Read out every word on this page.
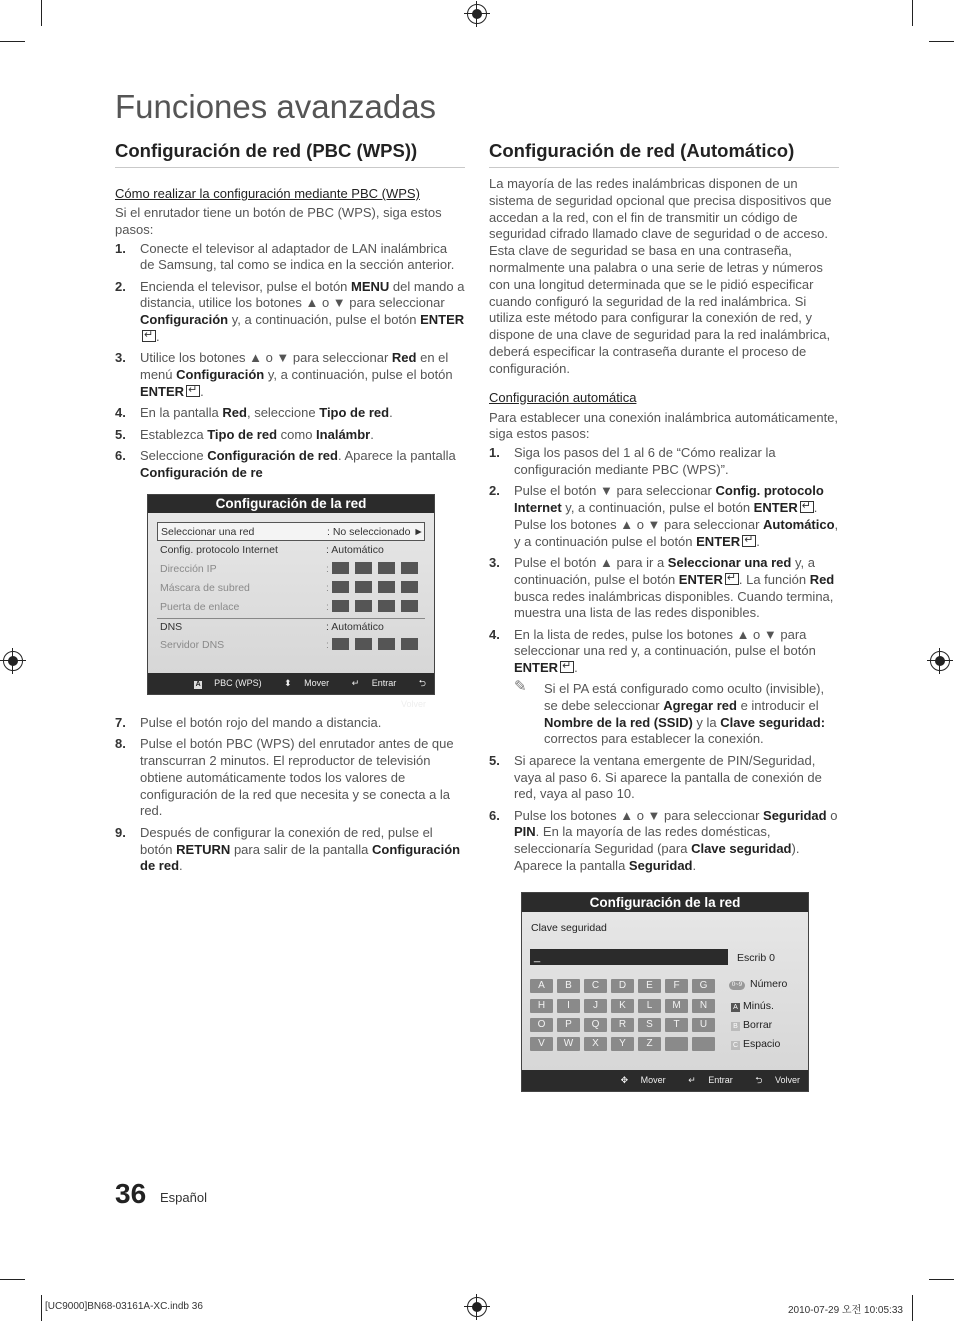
Funciones avanzadas
Configuración de red (PBC (WPS))

Cómo realizar la configuración mediante PBC (WPS)

Si el enrutador tiene un botón de PBC (WPS), siga estos pasos:

1. Conecte el televisor al adaptador de LAN inalámbrica de Samsung, tal como se indica en la sección anterior.
2. Encienda el televisor, pulse el botón MENU del mando a distancia, utilice los botones ▲ o ▼ para seleccionar Configuración y, a continuación, pulse el botón ENTER↵.
3. Utilice los botones ▲ o ▼ para seleccionar Red en el menú Configuración y, a continuación, pulse el botón ENTER ↵ .
4. En la pantalla Red, seleccione Tipo de red.
5. Establezca Tipo de red como Inalámbr.
6. Seleccione Configuración de red. Aparece la pantalla Configuración de re
Configuración de la red
Seleccionar una red	: No seleccionado ►
Config. protocolo Internet	: Automático
Dirección IP	:
Máscara de subred	:
Puerta de enlace	:
DNS	: Automático
Servidor DNS	:
A PBC (WPS)	⬍ Mover	↵ Entrar	⮌ Volver
7. Pulse el botón rojo del mando a distancia.
8. Pulse el botón PBC (WPS) del enrutador antes de que transcurran 2 minutos. El reproductor de televisión obtiene automáticamente todos los valores de configuración de la red que necesita y se conecta a la red.
9. Después de configurar la conexión de red, pulse el botón RETURN para salir de la pantalla Configuración de red.
Configuración de red (Automático)

La mayoría de las redes inalámbricas disponen de un sistema de seguridad opcional que precisa dispositivos que accedan a la red, con el fin de transmitir un código de seguridad cifrado llamado clave de seguridad o de acceso. Esta clave de seguridad se basa en una contraseña, normalmente una palabra o una serie de letras y números con una longitud determinada que se le pidió especificar cuando configuró la seguridad de la red inalámbrica. Si utiliza este método para configurar la conexión de red, y dispone de una clave de seguridad para la red inalámbrica, deberá especificar la contraseña durante el proceso de configuración.

Configuración automática

Para establecer una conexión inalámbrica automáticamente, siga estos pasos:

1. Siga los pasos del 1 al 6 de “Cómo realizar la configuración mediante PBC (WPS)”.
2. Pulse el botón ▼ para seleccionar Config. protocolo Internet y, a continuación, pulse el botón ENTER ↵ . Pulse los botones ▲ o ▼ para seleccionar Automático, y a continuación pulse el botón ENTER ↵ .
3. Pulse el botón ▲ para ir a Seleccionar una red y, a continuación, pulse el botón ENTER ↵ . La función Red busca redes inalámbricas disponibles. Cuando termina, muestra una lista de las redes disponibles.
4. En la lista de redes, pulse los botones ▲ o ▼ para seleccionar una red y, a continuación, pulse el botón ENTER ↵ .
✎ Si el PA está configurado como oculto (invisible), se debe seleccionar Agregar red e introducir el Nombre de la red (SSID) y la Clave seguridad: correctos para establecer la conexión.
5. Si aparece la ventana emergente de PIN/Seguridad, vaya al paso 6. Si aparece la pantalla de conexión de red, vaya al paso 10.
6. Pulse los botones ▲ o ▼ para seleccionar Seguridad o PIN. En la mayoría de las redes domésticas, seleccionaría Seguridad (para Clave seguridad). Aparece la pantalla Seguridad.
Configuración de la red
Clave seguridad
_	Escrib 0
A	B	C	D	E	F	G
H	I	J	K	L	M	N
O	P	Q	R	S	T	U
V	W	X	Y	Z
0~9 Número
A Minús.
B Borrar
C Espacio
✥ Mover	↵ Entrar	⮌ Volver
36 Español
[UC9000]BN68-03161A-XC.indb 36	2010-07-29 오전 10:05:33
